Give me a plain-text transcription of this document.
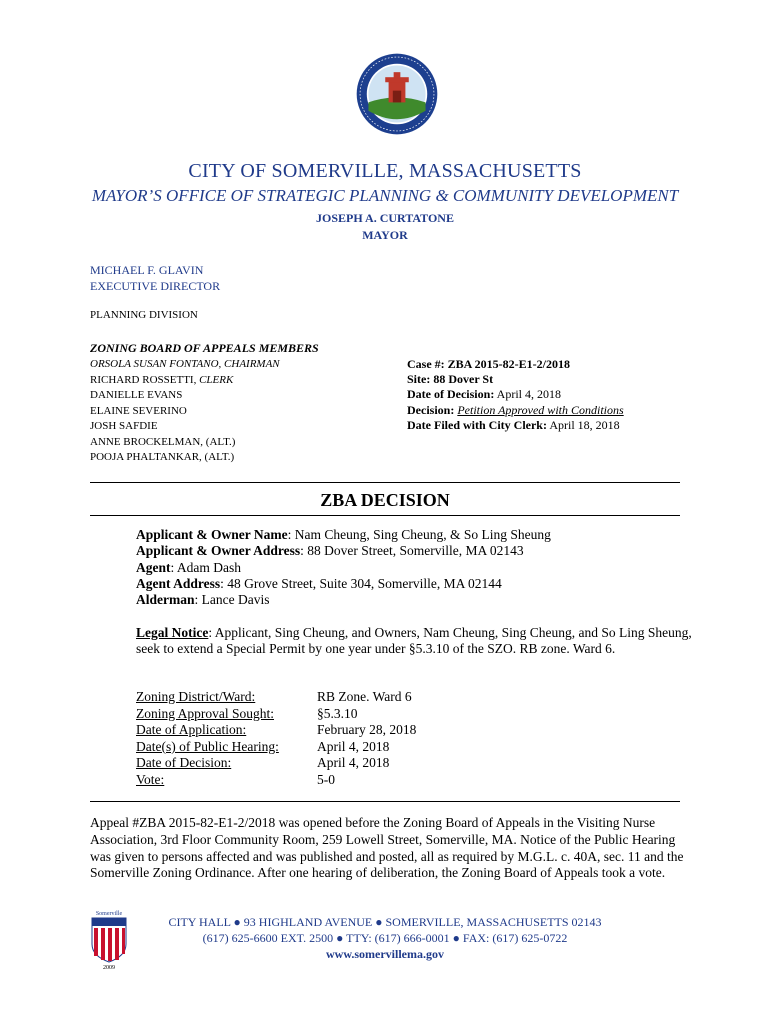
CITY OF SOMERVILLE, MASSACHUSETTS
MAYOR’S OFFICE OF STRATEGIC PLANNING & COMMUNITY DEVELOPMENT
JOSEPH A. CURTATONE
MAYOR
MICHAEL F. GLAVIN
EXECUTIVE DIRECTOR
PLANNING DIVISION
ZONING BOARD OF APPEALS MEMBERS
ORSOLA SUSAN FONTANO, CHAIRMAN
RICHARD ROSSETTI, CLERK
DANIELLE EVANS
ELAINE SEVERINO
JOSH SAFDIE
ANNE BROCKELMAN, (ALT.)
POOJA PHALTANKAR, (ALT.)
Case #: ZBA 2015-82-E1-2/2018
Site: 88 Dover St
Date of Decision: April 4, 2018
Decision: Petition Approved with Conditions
Date Filed with City Clerk: April 18, 2018
ZBA DECISION
Applicant & Owner Name: Nam Cheung, Sing Cheung, & So Ling Sheung
Applicant & Owner Address: 88 Dover Street, Somerville, MA 02143
Agent: Adam Dash
Agent Address: 48 Grove Street, Suite 304, Somerville, MA 02144
Alderman: Lance Davis
Legal Notice: Applicant, Sing Cheung, and Owners, Nam Cheung, Sing Cheung, and So Ling Sheung, seek to extend a Special Permit by one year under §5.3.10 of the SZO. RB zone. Ward 6.
Zoning District/Ward:	RB Zone. Ward 6
Zoning Approval Sought:	§5.3.10
Date of Application:	February 28, 2018
Date(s) of Public Hearing:	April 4, 2018
Date of Decision:	April 4, 2018
Vote:	5-0
Appeal #ZBA 2015-82-E1-2/2018 was opened before the Zoning Board of Appeals in the Visiting Nurse Association, 3rd Floor Community Room, 259 Lowell Street, Somerville, MA. Notice of the Public Hearing was given to persons affected and was published and posted, all as required by M.G.L. c. 40A, sec. 11 and the Somerville Zoning Ordinance. After one hearing of deliberation, the Zoning Board of Appeals took a vote.
Somerville
2009
CITY HALL ● 93 HIGHLAND AVENUE ● SOMERVILLE, MASSACHUSETTS 02143
(617) 625-6600 EXT. 2500 ● TTY: (617) 666-0001 ● FAX: (617) 625-0722
www.somervillema.gov
